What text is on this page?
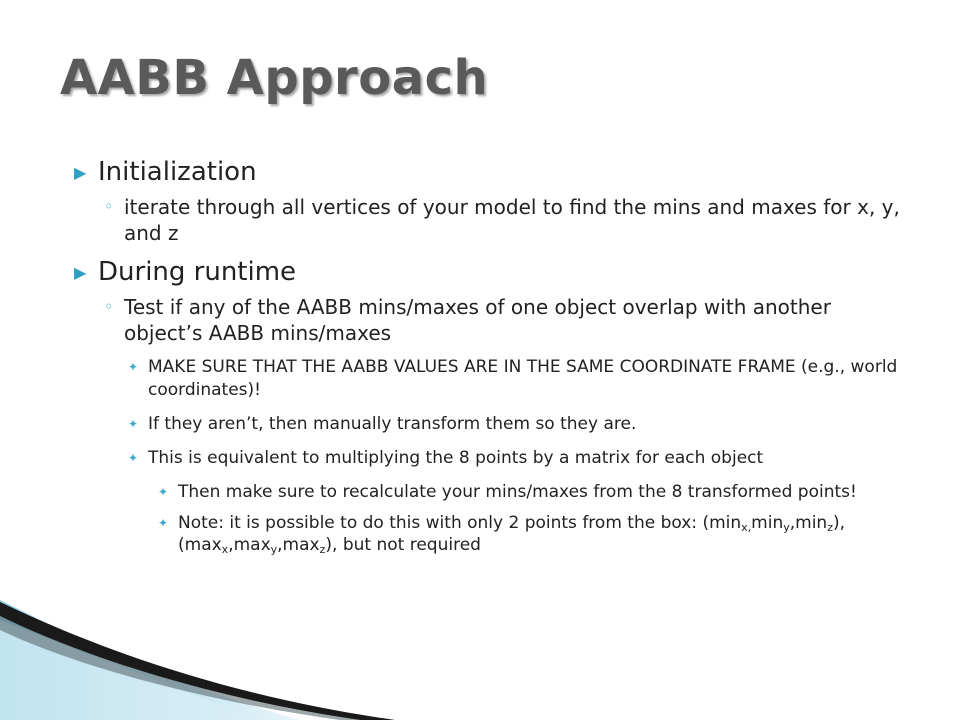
AABB Approach
▶ Initialization
◦ iterate through all vertices of your model to find the mins and maxes for x, y, and z
▶ During runtime
◦ Test if any of the AABB mins/maxes of one object overlap with another object’s AABB mins/maxes
✦ MAKE SURE THAT THE AABB VALUES ARE IN THE SAME COORDINATE FRAME (e.g., world coordinates)!
✦ If they aren’t, then manually transform them so they are.
✦ This is equivalent to multiplying the 8 points by a matrix for each object
✦ Then make sure to recalculate your mins/maxes from the 8 transformed points!
✦ Note: it is possible to do this with only 2 points from the box: $(\min_{x,}\min_y,\min_z)$, $(\max_x,\max_y,\max_z)$, but not required
